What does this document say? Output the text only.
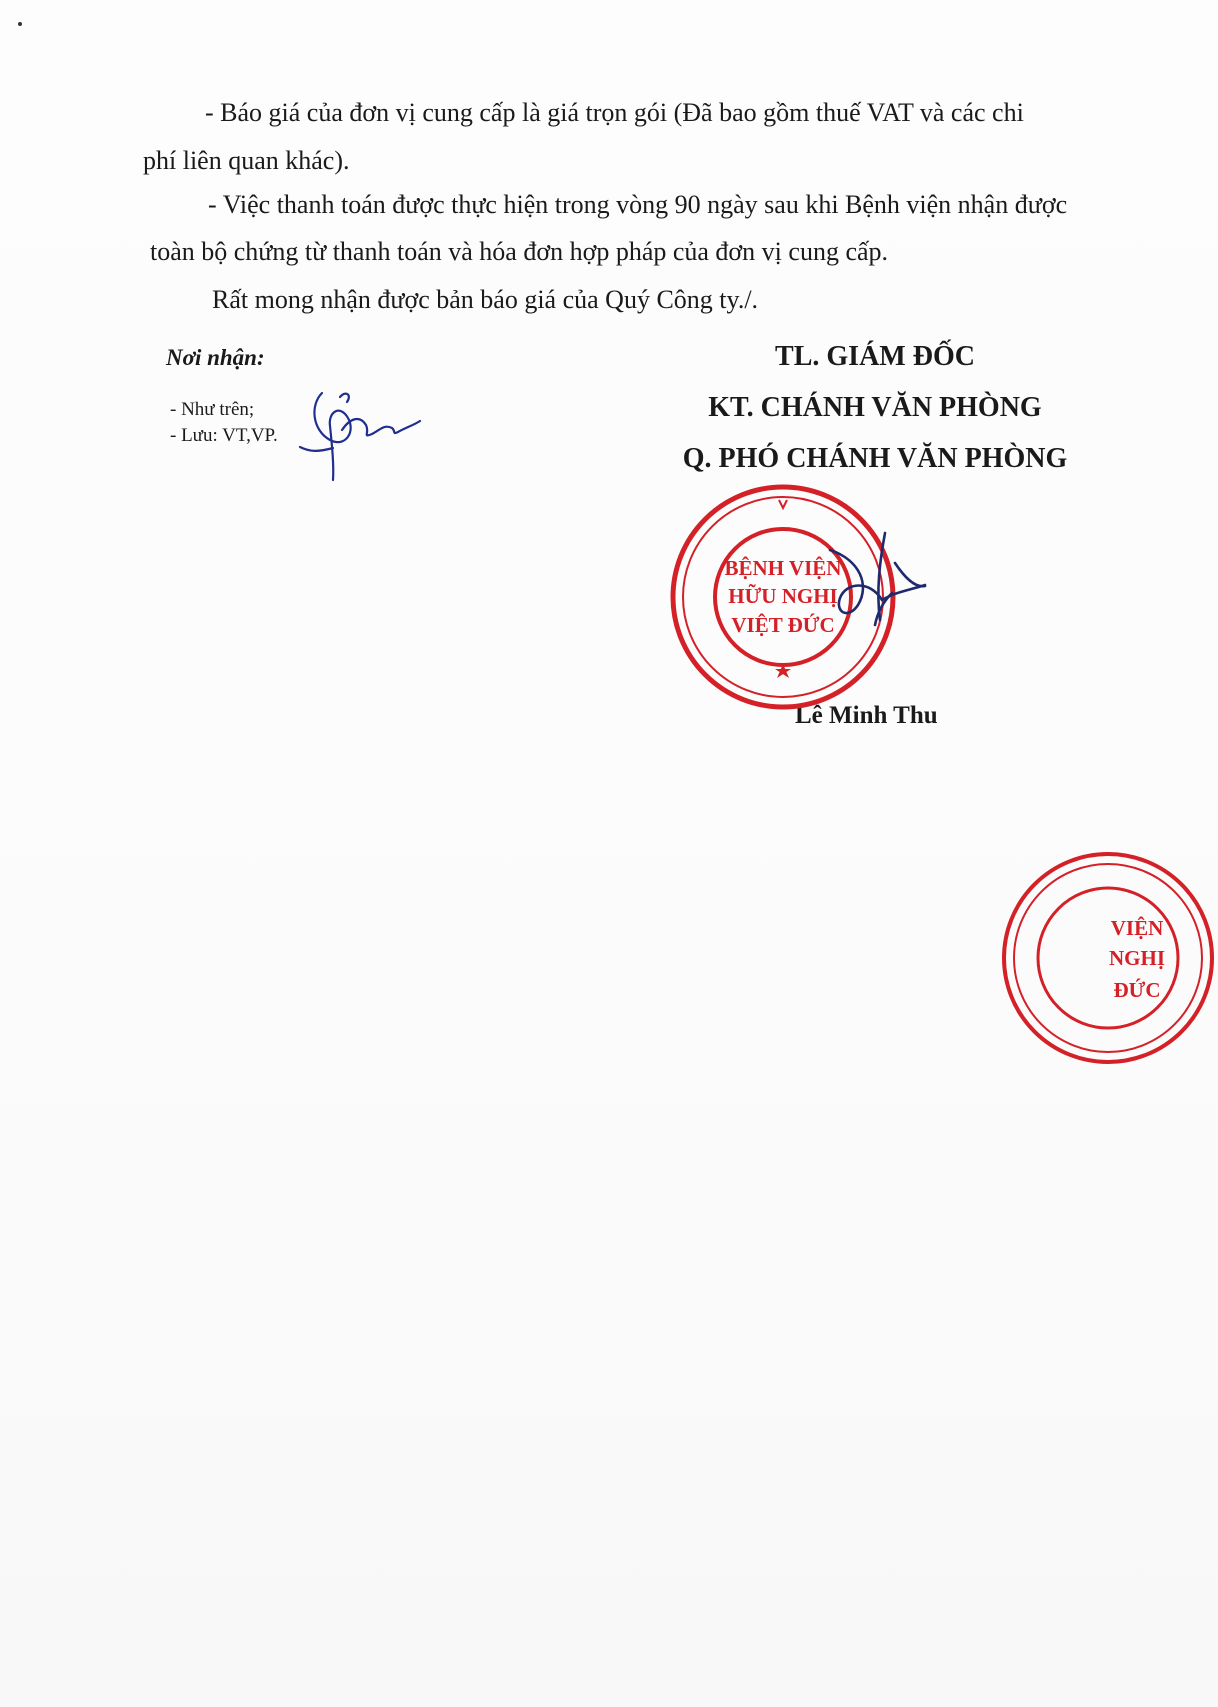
- Báo giá của đơn vị cung cấp là giá trọn gói (Đã bao gồm thuế VAT và các chi

phí liên quan khác).

- Việc thanh toán được thực hiện trong vòng 90 ngày sau khi Bệnh viện nhận được

toàn bộ chứng từ thanh toán và hóa đơn hợp pháp của đơn vị cung cấp.

Rất mong nhận được bản báo giá của Quý Công ty./.

Nơi nhận:
- Như trên;
- Lưu: VT,VP.
TL. GIÁM ĐỐC
KT. CHÁNH VĂN PHÒNG
Q. PHÓ CHÁNH VĂN PHÒNG
Lê Minh Thu
BỆNH VIỆN
HỮU NGHỊ
VIỆT ĐỨC
VIỆN
NGHỊ
ĐỨC
